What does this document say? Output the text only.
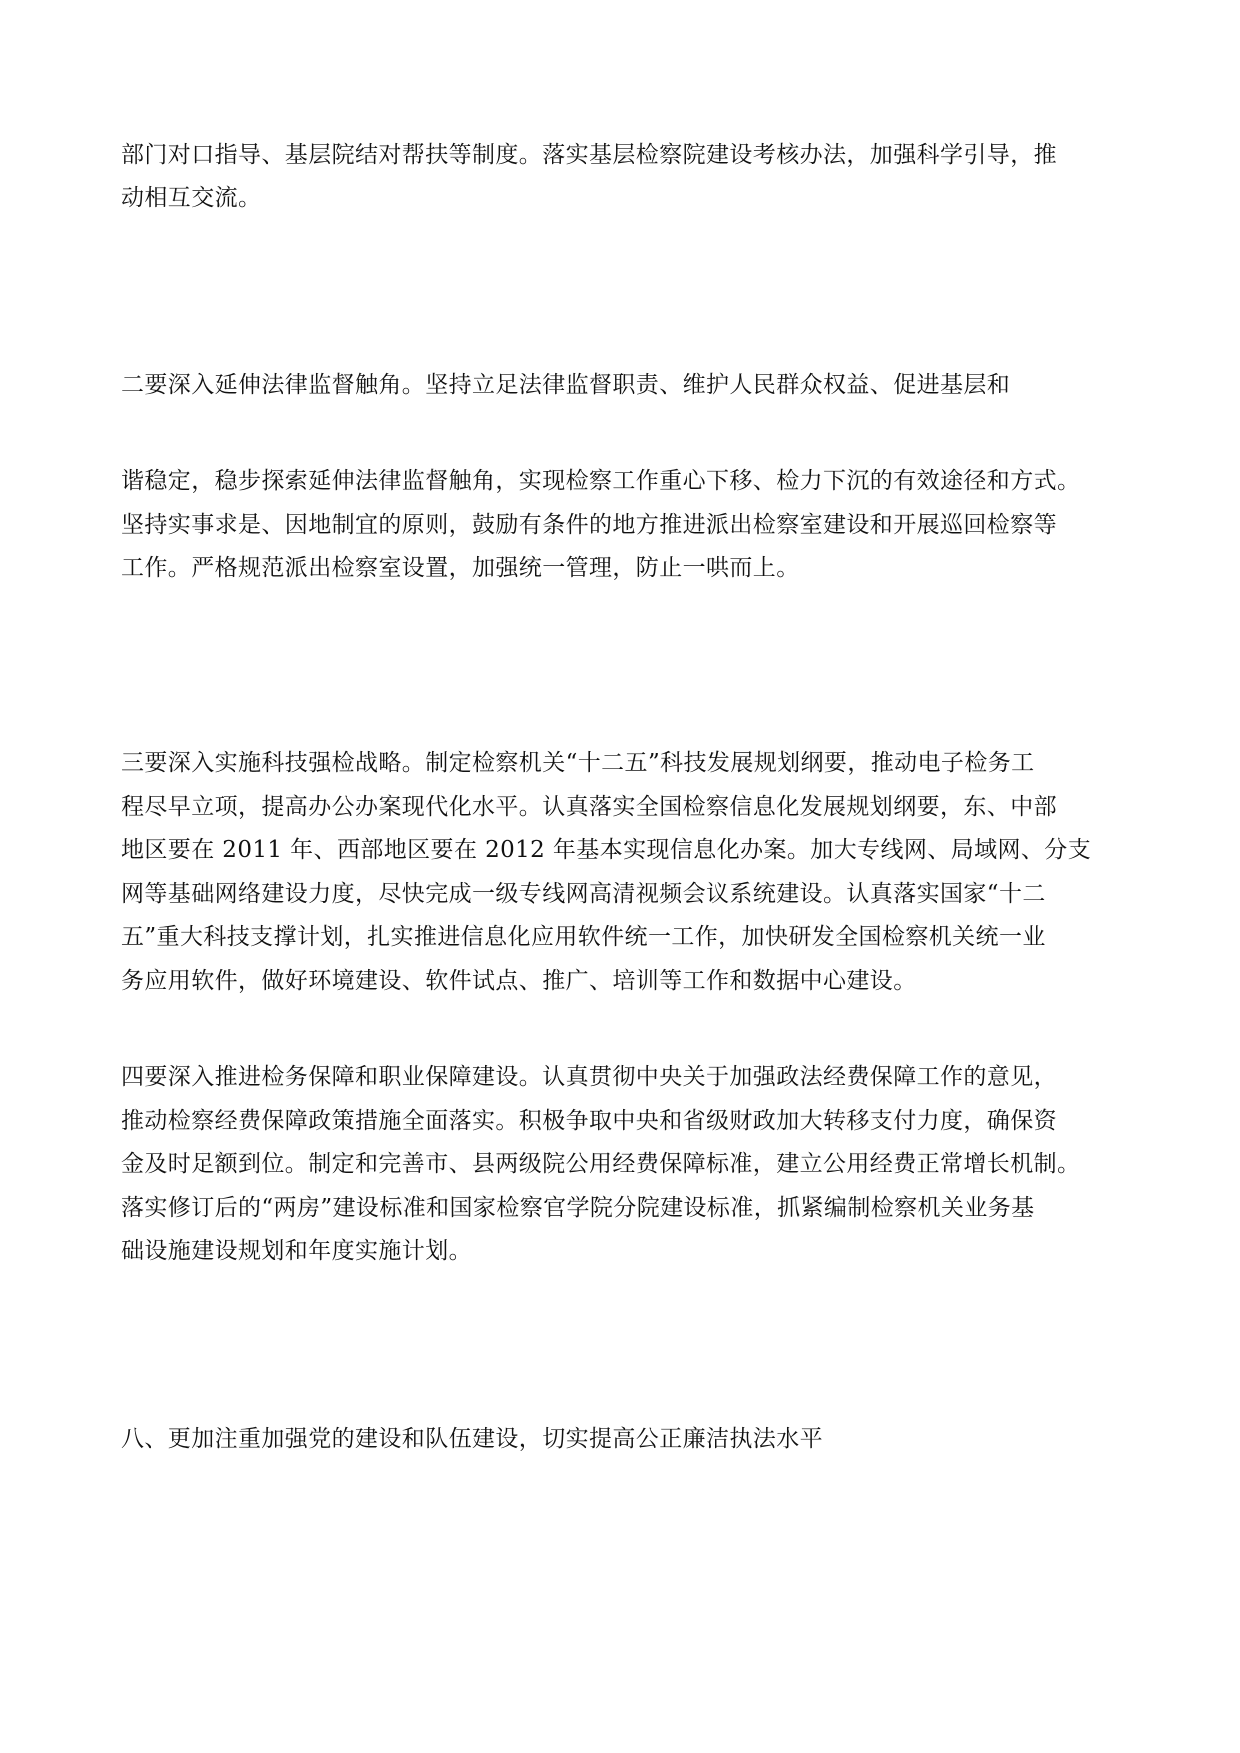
部门对口指导、基层院结对帮扶等制度。落实基层检察院建设考核办法，加强科学引导，推
动相互交流。
二要深入延伸法律监督触角。坚持立足法律监督职责、维护人民群众权益、促进基层和
谐稳定，稳步探索延伸法律监督触角，实现检察工作重心下移、检力下沉的有效途径和方式。
坚持实事求是、因地制宜的原则，鼓励有条件的地方推进派出检察室建设和开展巡回检察等
工作。严格规范派出检察室设置，加强统一管理，防止一哄而上。
三要深入实施科技强检战略。制定检察机关“十二五”科技发展规划纲要，推动电子检务工
程尽早立项，提高办公办案现代化水平。认真落实全国检察信息化发展规划纲要，东、中部
地区要在 2011 年、西部地区要在 2012 年基本实现信息化办案。加大专线网、局域网、分支
网等基础网络建设力度，尽快完成一级专线网高清视频会议系统建设。认真落实国家“十二
五”重大科技支撑计划，扎实推进信息化应用软件统一工作，加快研发全国检察机关统一业
务应用软件，做好环境建设、软件试点、推广、培训等工作和数据中心建设。
四要深入推进检务保障和职业保障建设。认真贯彻中央关于加强政法经费保障工作的意见，
推动检察经费保障政策措施全面落实。积极争取中央和省级财政加大转移支付力度，确保资
金及时足额到位。制定和完善市、县两级院公用经费保障标准，建立公用经费正常增长机制。
落实修订后的“两房”建设标准和国家检察官学院分院建设标准，抓紧编制检察机关业务基
础设施建设规划和年度实施计划。
八、更加注重加强党的建设和队伍建设，切实提高公正廉洁执法水平
